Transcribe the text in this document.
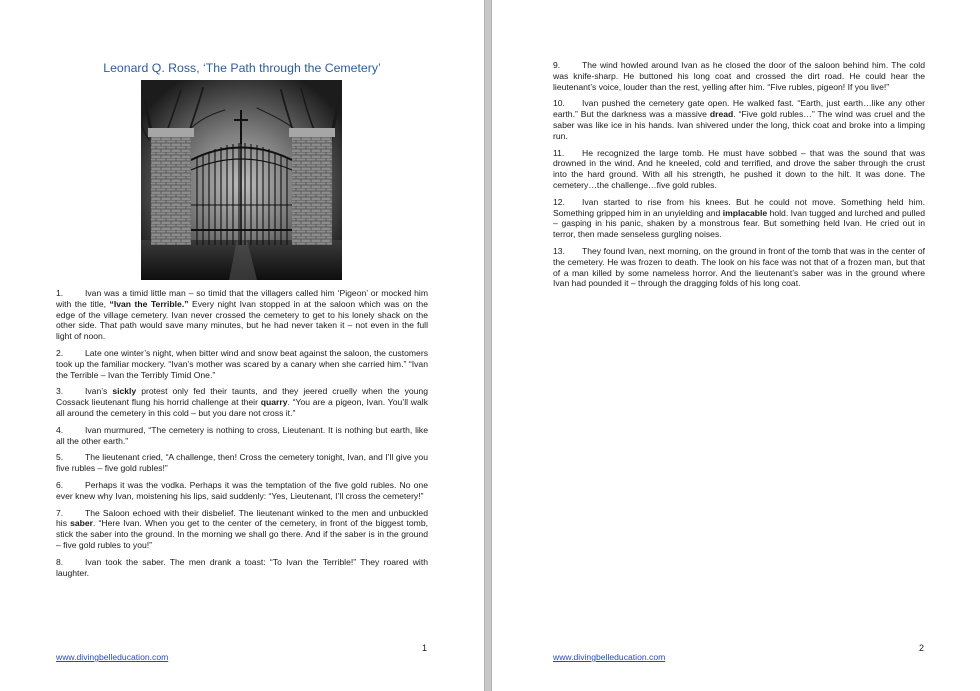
Leonard Q. Ross, ‘The Path through the Cemetery’

1.	Ivan was a timid little man – so timid that the villagers called him ‘Pigeon’ or mocked him with the title, “Ivan the Terrible.” Every night Ivan stopped in at the saloon which was on the edge of the village cemetery. Ivan never crossed the cemetery to get to his lonely shack on the other side. That path would save many minutes, but he had never taken it – not even in the full light of noon.

2.	Late one winter’s night, when bitter wind and snow beat against the saloon, the customers took up the familiar mockery. “Ivan’s mother was scared by a canary when she carried him.” “Ivan the Terrible – Ivan the Terribly Timid One.”

3.	Ivan’s sickly protest only fed their taunts, and they jeered cruelly when the young Cossack lieutenant flung his horrid challenge at their quarry. “You are a pigeon, Ivan. You’ll walk all around the cemetery in this cold – but you dare not cross it.”

4.	Ivan murmured, “The cemetery is nothing to cross, Lieutenant. It is nothing but earth, like all the other earth.”

5.	The lieutenant cried, “A challenge, then! Cross the cemetery tonight, Ivan, and I’ll give you five rubles – five gold rubles!”

6.	Perhaps it was the vodka. Perhaps it was the temptation of the five gold rubles. No one ever knew why Ivan, moistening his lips, said suddenly: “Yes, Lieutenant, I’ll cross the cemetery!”

7.	The Saloon echoed with their disbelief. The lieutenant winked to the men and unbuckled his saber. “Here Ivan. When you get to the center of the cemetery, in front of the biggest tomb, stick the saber into the ground. In the morning we shall go there. And if the saber is in the ground – five gold rubles to you!”

8.	Ivan took the saber. The men drank a toast: “To Ivan the Terrible!” They roared with laughter.

1
www.divingbelleducation.com

9.	The wind howled around Ivan as he closed the door of the saloon behind him. The cold was knife-sharp. He buttoned his long coat and crossed the dirt road. He could hear the lieutenant’s voice, louder than the rest, yelling after him. “Five rubles, pigeon! If you live!”

10. Ivan pushed the cemetery gate open. He walked fast. “Earth, just earth…like any other earth.” But the darkness was a massive dread. “Five gold rubles…” The wind was cruel and the saber was like ice in his hands. Ivan shivered under the long, thick coat and broke into a limping run.

11. He recognized the large tomb. He must have sobbed – that was the sound that was drowned in the wind. And he kneeled, cold and terrified, and drove the saber through the crust into the hard ground. With all his strength, he pushed it down to the hilt. It was done. The cemetery…the challenge…five gold rubles.

12. Ivan started to rise from his knees. But he could not move. Something held him. Something gripped him in an unyielding and implacable hold. Ivan tugged and lurched and pulled – gasping in his panic, shaken by a monstrous fear. But something held Ivan. He cried out in terror, then made senseless gurgling noises.

13. They found Ivan, next morning, on the ground in front of the tomb that was in the center of the cemetery. He was frozen to death. The look on his face was not that of a frozen man, but that of a man killed by some nameless horror. And the lieutenant’s saber was in the ground where Ivan had pounded it – through the dragging folds of his long coat.

2
www.divingbelleducation.com
